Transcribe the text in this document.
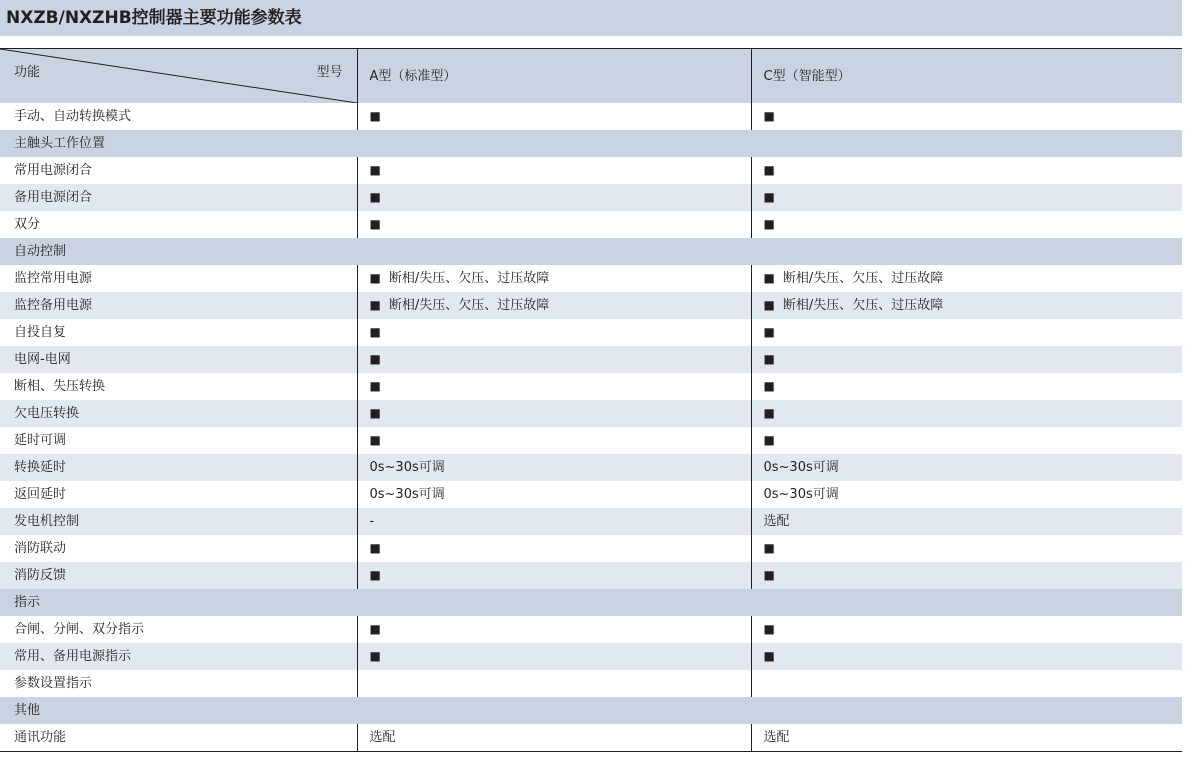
NXZB/NXZHB控制器主要功能参数表
功能 型号	A型（标准型）	C型（智能型）
手动、自动转换模式	■	■
主触头工作位置		
常用电源闭合	■	■
备用电源闭合	■	■
双分	■	■
自动控制		
监控常用电源	■ 断相/失压、欠压、过压故障	■ 断相/失压、欠压、过压故障
监控备用电源	■ 断相/失压、欠压、过压故障	■ 断相/失压、欠压、过压故障
自投自复	■	■
电网-电网	■	■
断相、失压转换	■	■
欠电压转换	■	■
延时可调	■	■
转换延时	0s~30s可调	0s~30s可调
返回延时	0s~30s可调	0s~30s可调
发电机控制	-	选配
消防联动	■	■
消防反馈	■	■
指示		
合闸、分闸、双分指示	■	■
常用、备用电源指示	■	■
参数设置指示		
其他		
通讯功能	选配	选配
